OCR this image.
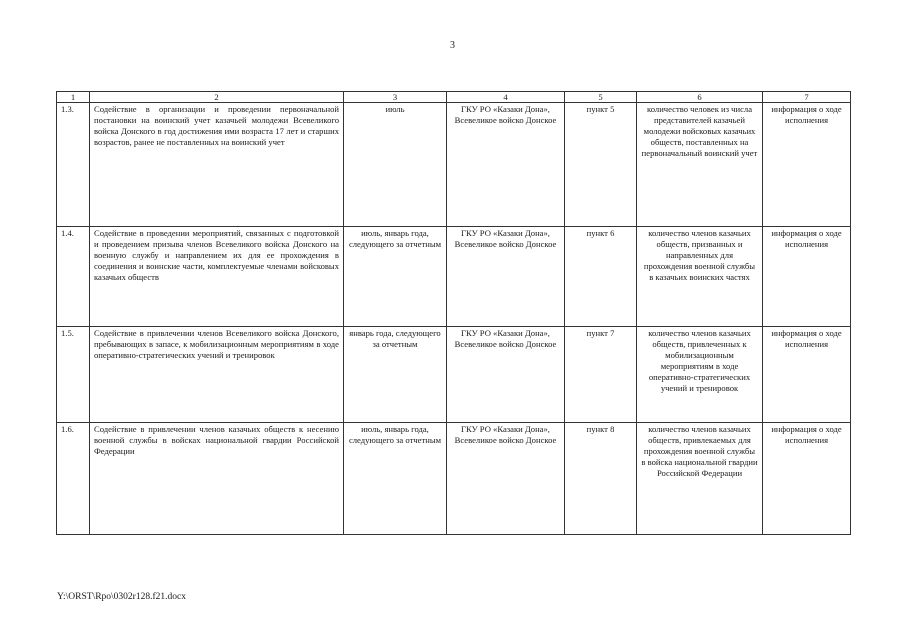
3
1	2	3	4	5	6	7
1.3.	Содействие в организации и проведении первоначальной постановки на воинский учет казачьей молодежи Всевеликого войска Донского в год достижения ими возраста 17 лет и старших возрастов, ранее не поставленных на воинский учет	июль	ГКУ РО «Казаки Дона», Всевеликое войско Донское	пункт 5	количество человек из числа представителей казачьей молодежи войсковых казачьих обществ, поставленных на первоначальный воинский учет	информация о ходе исполнения
1.4.	Содействие в проведении мероприятий, связанных с подготовкой и проведением призыва членов Всевеликого войска Донского на военную службу и направлением их для ее прохождения в соединения и воинские части, комплектуемые членами войсковых казачьих обществ	июль, январь года, следующего за отчетным	ГКУ РО «Казаки Дона», Всевеликое войско Донское	пункт 6	количество членов казачьих обществ, призванных и направленных для прохождения военной службы в казачьих воинских частях	информация о ходе исполнения
1.5.	Содействие в привлечении членов Всевеликого войска Донского, пребывающих в запасе, к мобилизационным мероприятиям в ходе оперативно-стратегических учений и тренировок	январь года, следующего за отчетным	ГКУ РО «Казаки Дона», Всевеликое войско Донское	пункт 7	количество членов казачьих обществ, привлеченных к мобилизационным мероприятиям в ходе оперативно-стратегических учений и тренировок	информация о ходе исполнения
1.6.	Содействие в привлечении членов казачьих обществ к несению военной службы в войсках национальной гвардии Российской Федерации	июль, январь года, следующего за отчетным	ГКУ РО «Казаки Дона», Всевеликое войско Донское	пункт 8	количество членов казачьих обществ, привлекаемых для прохождения военной службы в войска национальной гвардии Российской Федерации	информация о ходе исполнения
Y:\ORST\Rpo\0302r128.f21.docx
